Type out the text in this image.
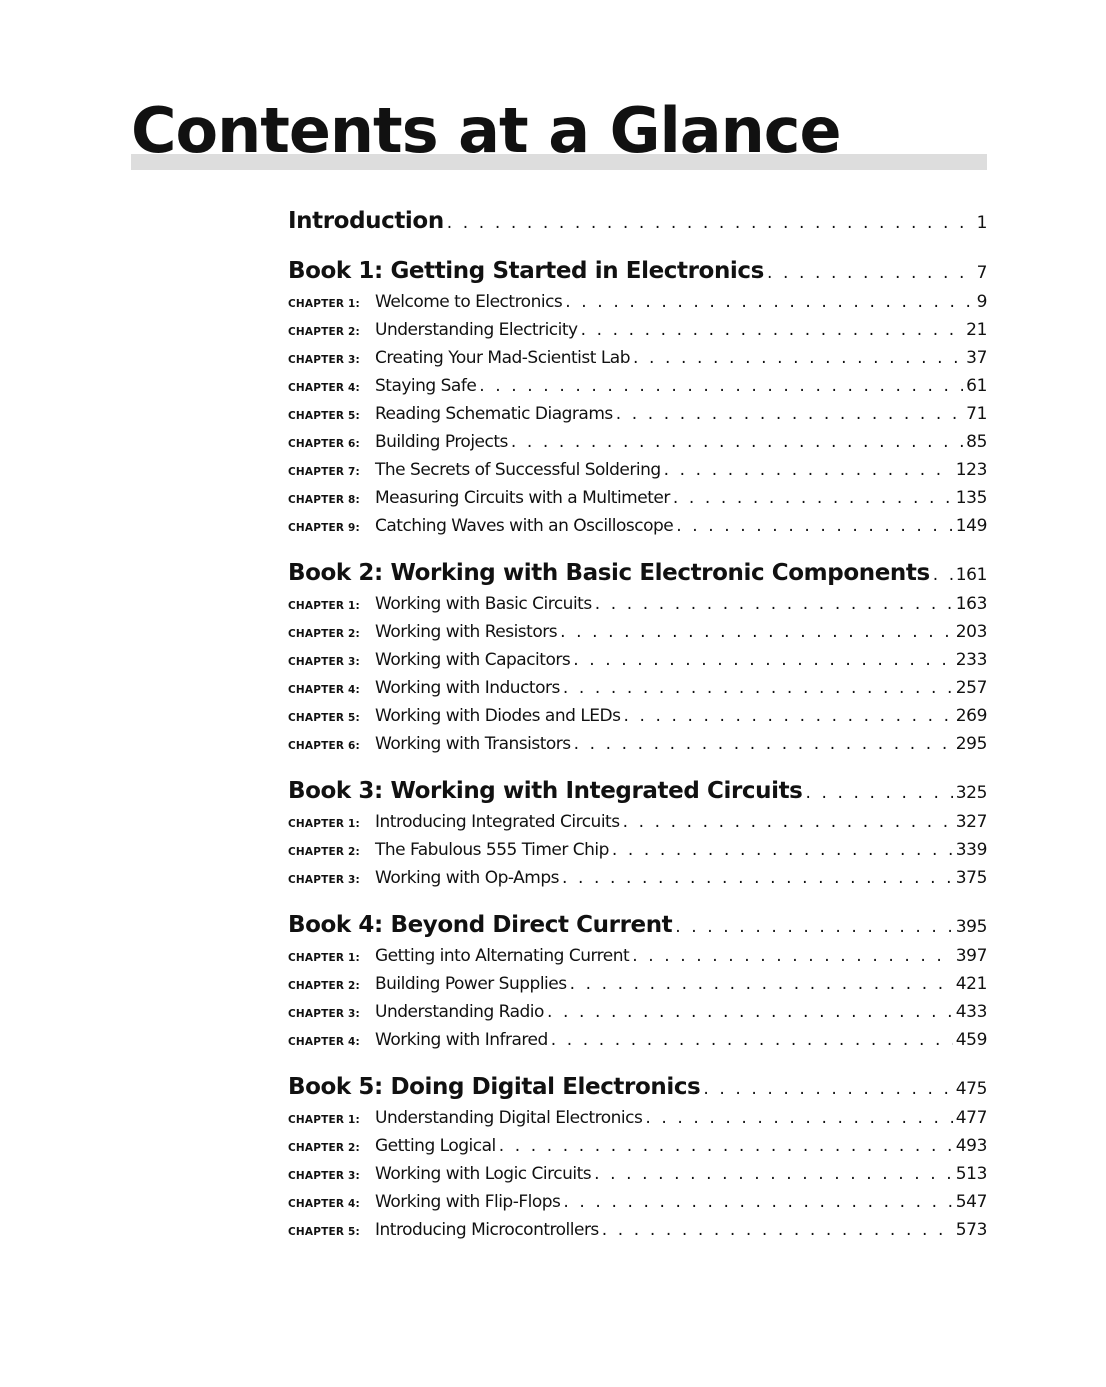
Contents at a Glance
Introduction . . .	1
Book 1: Getting Started in Electronics . . .	7
CHAPTER 1: Welcome to Electronics . . .	9
CHAPTER 2: Understanding Electricity . . .	21
CHAPTER 3: Creating Your Mad-Scientist Lab . . .	37
CHAPTER 4: Staying Safe . . .	61
CHAPTER 5: Reading Schematic Diagrams . . .	71
CHAPTER 6: Building Projects . . .	85
CHAPTER 7: The Secrets of Successful Soldering . . .	123
CHAPTER 8: Measuring Circuits with a Multimeter . . .	135
CHAPTER 9: Catching Waves with an Oscilloscope . . .	149
Book 2: Working with Basic Electronic Components . . . 161
CHAPTER 1: Working with Basic Circuits . . .	163
CHAPTER 2: Working with Resistors . . .	203
CHAPTER 3: Working with Capacitors . . .	233
CHAPTER 4: Working with Inductors . . .	257
CHAPTER 5: Working with Diodes and LEDs . . .	269
CHAPTER 6: Working with Transistors . . .	295
Book 3: Working with Integrated Circuits . . .	325
CHAPTER 1: Introducing Integrated Circuits . . .	327
CHAPTER 2: The Fabulous 555 Timer Chip . . .	339
CHAPTER 3: Working with Op-Amps . . .	375
Book 4: Beyond Direct Current . . .	395
CHAPTER 1: Getting into Alternating Current . . .	397
CHAPTER 2: Building Power Supplies . . .	421
CHAPTER 3: Understanding Radio . . .	433
CHAPTER 4: Working with Infrared . . .	459
Book 5: Doing Digital Electronics . . .	475
CHAPTER 1: Understanding Digital Electronics . . .	477
CHAPTER 2: Getting Logical . . .	493
CHAPTER 3: Working with Logic Circuits . . .	513
CHAPTER 4: Working with Flip-Flops . . .	547
CHAPTER 5: Introducing Microcontrollers . . .	573
